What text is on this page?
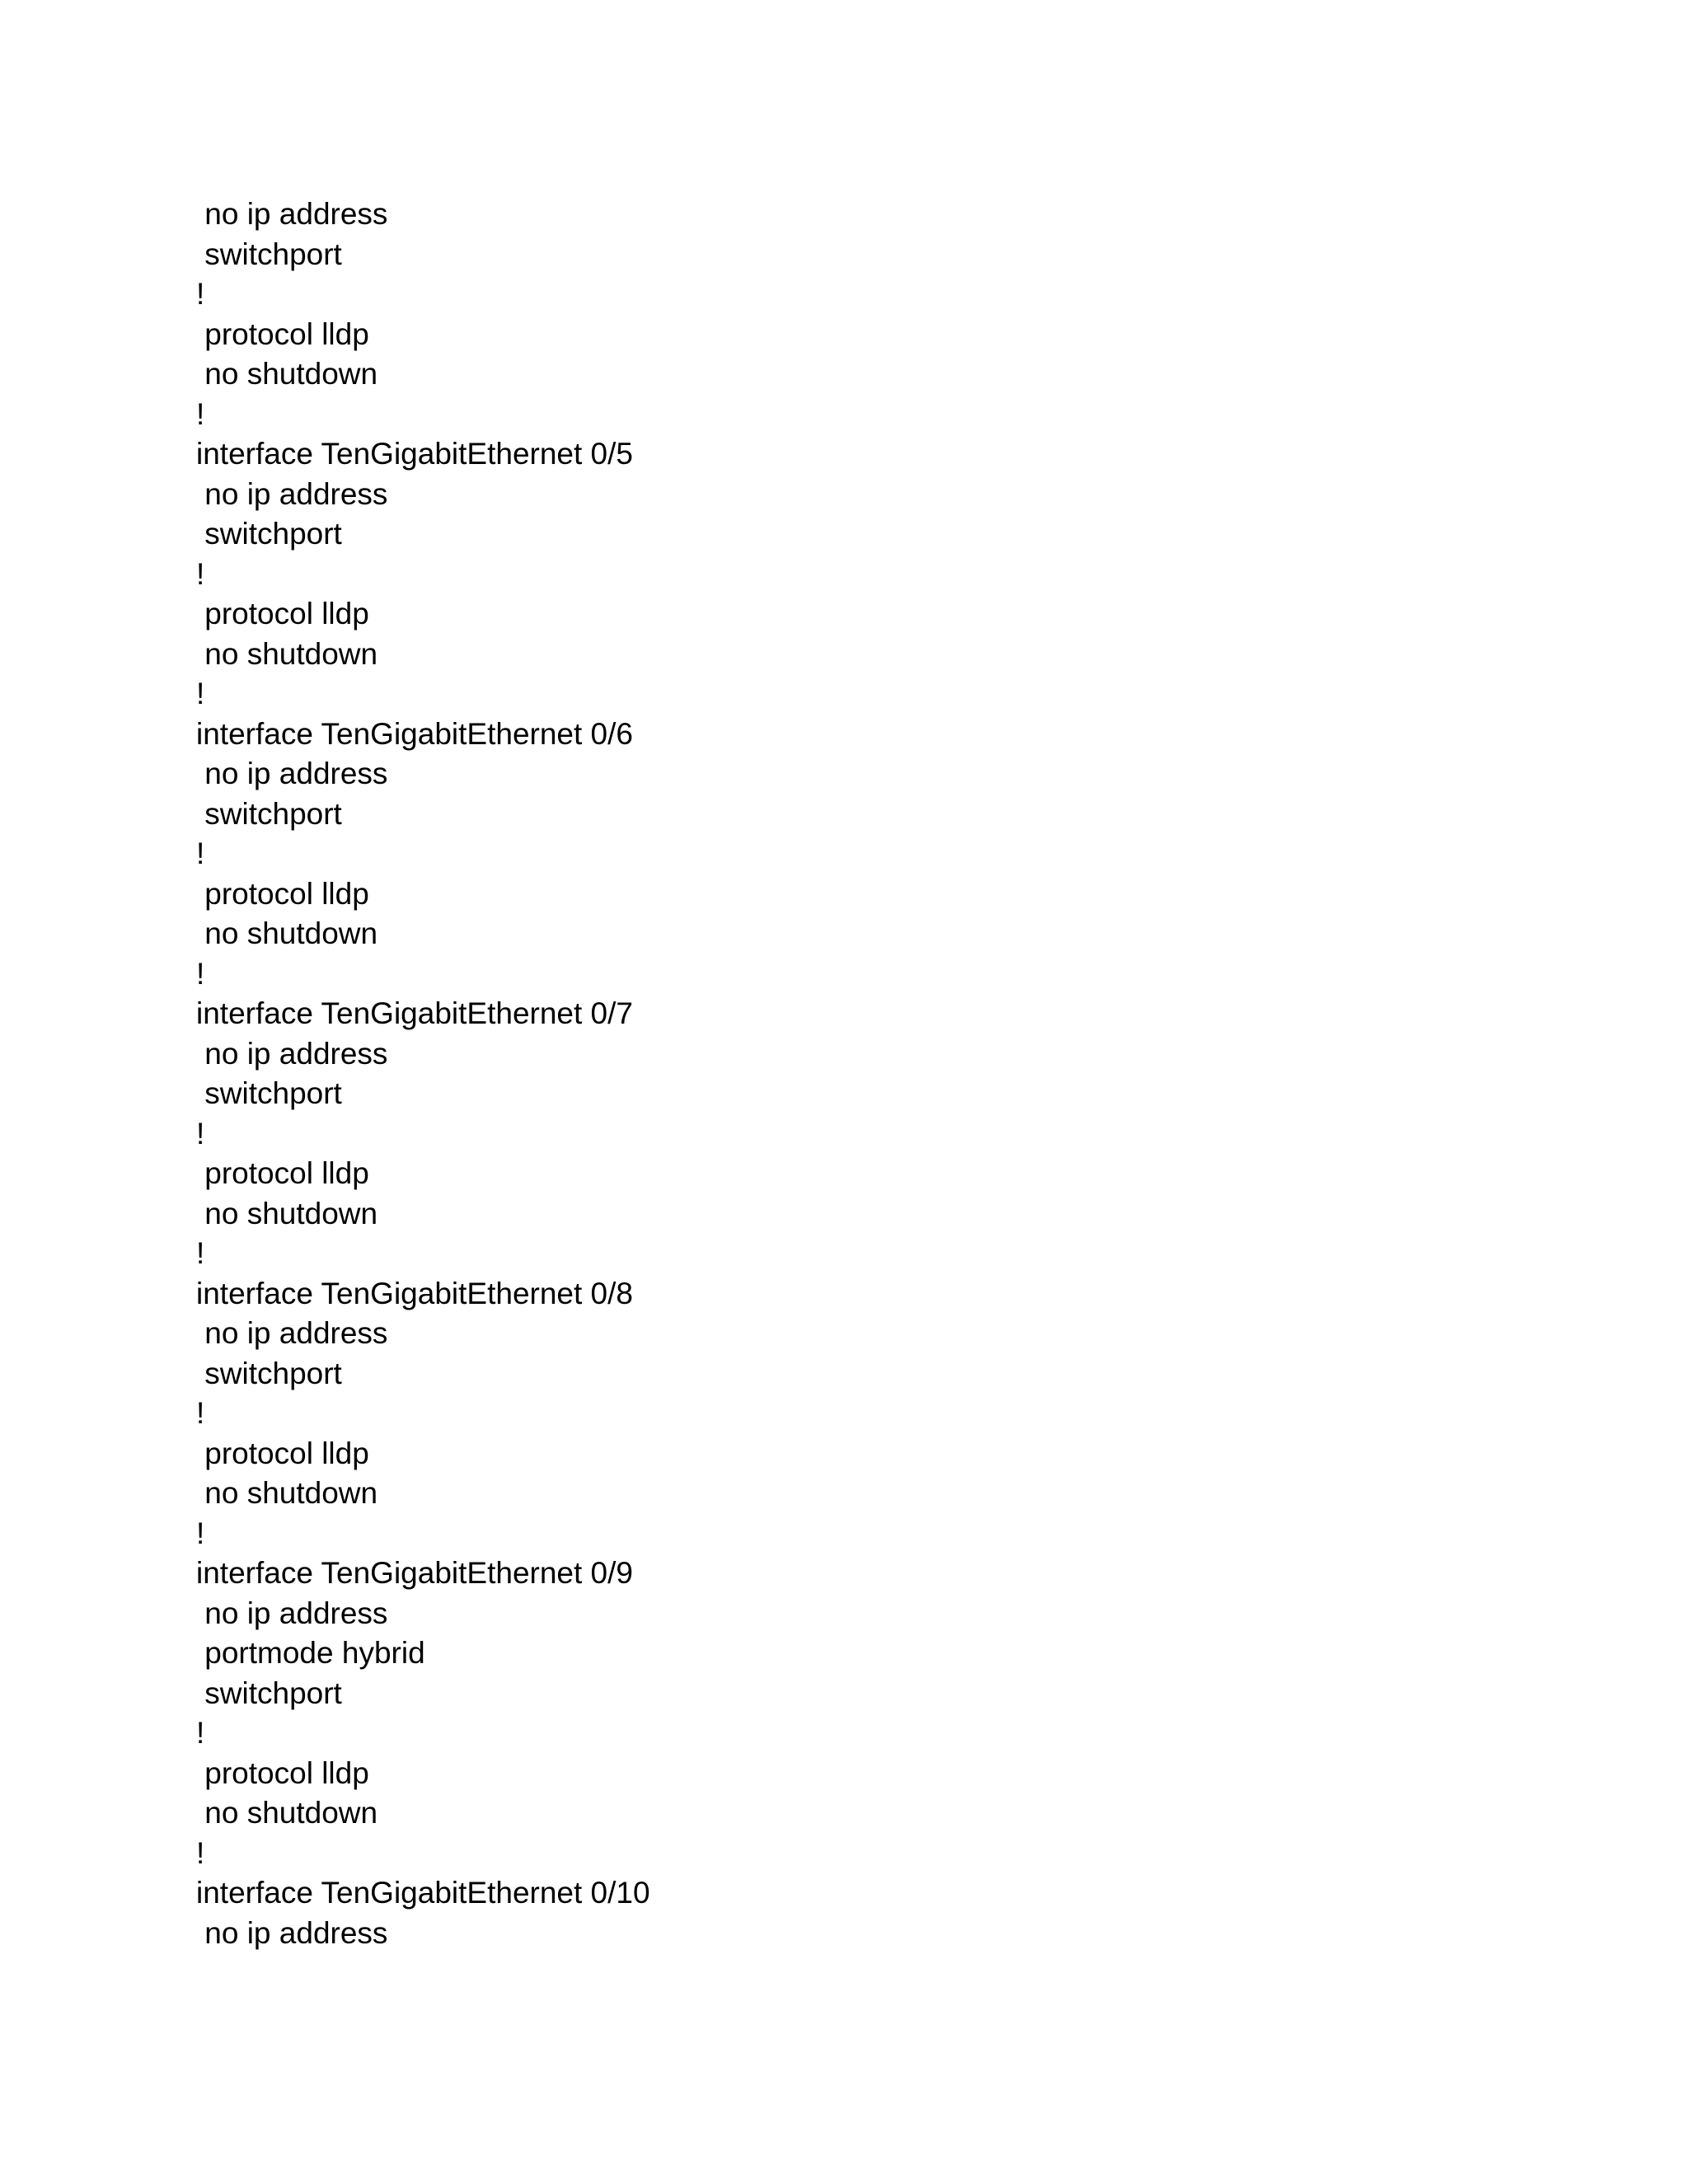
no ip address
switchport
!
protocol lldp
no shutdown
!
interface TenGigabitEthernet 0/5
no ip address
switchport
!
protocol lldp
no shutdown
!
interface TenGigabitEthernet 0/6
no ip address
switchport
!
protocol lldp
no shutdown
!
interface TenGigabitEthernet 0/7
no ip address
switchport
!
protocol lldp
no shutdown
!
interface TenGigabitEthernet 0/8
no ip address
switchport
!
protocol lldp
no shutdown
!
interface TenGigabitEthernet 0/9
no ip address
portmode hybrid
switchport
!
protocol lldp
no shutdown
!
interface TenGigabitEthernet 0/10
no ip address
